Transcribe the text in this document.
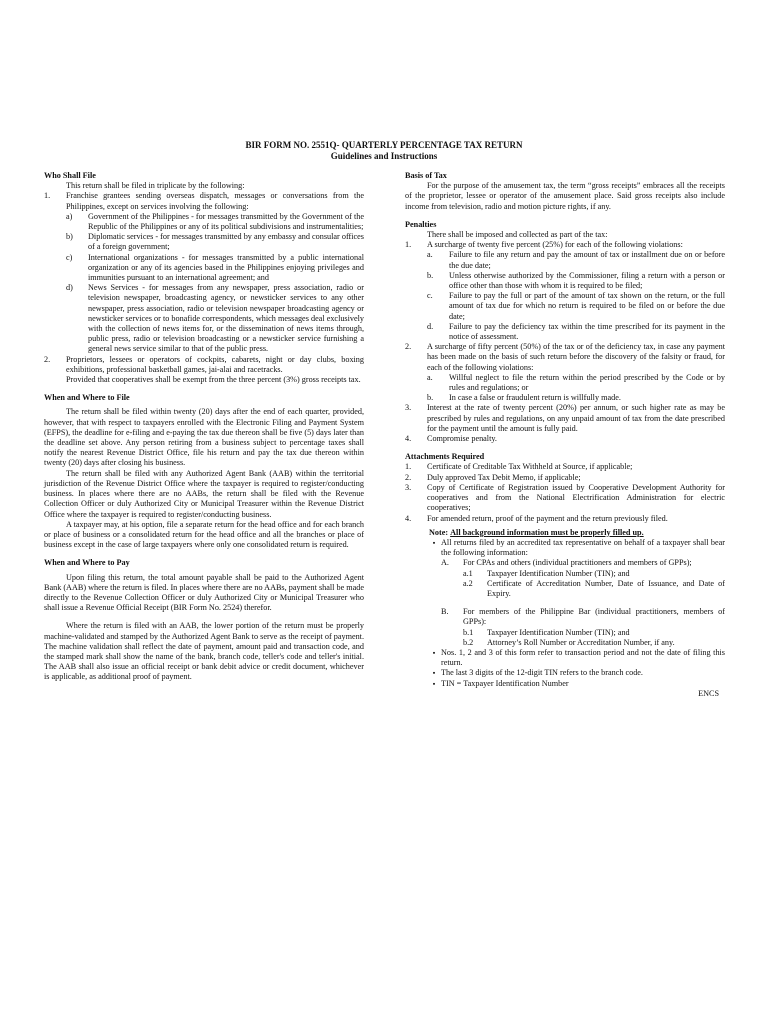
BIR FORM NO. 2551Q- QUARTERLY PERCENTAGE TAX RETURN
Guidelines and Instructions
Who Shall File

This return shall be filed in triplicate by the following:

1.	Franchise grantees sending overseas dispatch, messages or conversations from the Philippines, except on services involving the following:
a)	Government of the Philippines - for messages transmitted by the Government of the Republic of the Philippines or any of its political subdivisions and instrumentalities;
b)	Diplomatic services - for messages transmitted by any embassy and consular offices of a foreign government;
c)	International organizations - for messages transmitted by a public international organization or any of its agencies based in the Philippines enjoying privileges and immunities pursuant to an international agreement; and
d)	News Services - for messages from any newspaper, press association, radio or television newspaper, broadcasting agency, or newsticker services to any other newspaper, press association, radio or television newspaper broadcasting agency or newsticker services or to bonafide correspondents, which messages deal exclusively with the collection of news items for, or the dissemination of news items through, public press, radio or television broadcasting or a newsticker service furnishing a general news service similar to that of the public press.
2.	Proprietors, lessees or operators of cockpits, cabarets, night or day clubs, boxing exhibitions, professional basketball games, jai-alai and racetracks.

Provided that cooperatives shall be exempt from the three percent (3%) gross receipts tax.

When and Where to File

The return shall be filed within twenty (20) days after the end of each quarter, provided, however, that with respect to taxpayers enrolled with the Electronic Filing and Payment System (EFPS), the deadline for e-filing and e-paying the tax due thereon shall be five (5) days later than the deadline set above. Any person retiring from a business subject to percentage taxes shall notify the nearest Revenue District Office, file his return and pay the tax due thereon within twenty (20) days after closing his business.

The return shall be filed with any Authorized Agent Bank (AAB) within the territorial jurisdiction of the Revenue District Office where the taxpayer is required to register/conducting business. In places where there are no AABs, the return shall be filed with the Revenue Collection Officer or duly Authorized City or Municipal Treasurer within the Revenue District Office where the taxpayer is required to register/conducting business.

A taxpayer may, at his option, file a separate return for the head office and for each branch or place of business or a consolidated return for the head office and all the branches or place of business except in the case of large taxpayers where only one consolidated return is required.

When and Where to Pay

Upon filing this return, the total amount payable shall be paid to the Authorized Agent Bank (AAB) where the return is filed. In places where there are no AABs, payment shall be made directly to the Revenue Collection Officer or duly Authorized City or Municipal Treasurer who shall issue a Revenue Official Receipt (BIR Form No. 2524) therefor.

Where the return is filed with an AAB, the lower portion of the return must be properly machine-validated and stamped by the Authorized Agent Bank to serve as the receipt of payment. The machine validation shall reflect the date of payment, amount paid and transaction code, and the stamped mark shall show the name of the bank, branch code, teller's code and teller's initial. The AAB shall also issue an official receipt or bank debit advice or credit document, whichever is applicable, as additional proof of payment.

Basis of Tax

For the purpose of the amusement tax, the term “gross receipts” embraces all the receipts of the proprietor, lessee or operator of the amusement place. Said gross receipts also include income from television, radio and motion picture rights, if any.

Penalties

There shall be imposed and collected as part of the tax:

1.	A surcharge of twenty five percent (25%) for each of the following violations:
a.	Failure to file any return and pay the amount of tax or installment due on or before the due date;
b.	Unless otherwise authorized by the Commissioner, filing a return with a person or office other than those with whom it is required to be filed;
c.	Failure to pay the full or part of the amount of tax shown on the return, or the full amount of tax due for which no return is required to be filed on or before the due date;
d.	Failure to pay the deficiency tax within the time prescribed for its payment in the notice of assessment.
2.	A surcharge of fifty percent (50%) of the tax or of the deficiency tax, in case any payment has been made on the basis of such return before the discovery of the falsity or fraud, for each of the following violations:
a.	Willful neglect to file the return within the period prescribed by the Code or by rules and regulations; or
b.	In case a false or fraudulent return is willfully made.
3.	Interest at the rate of twenty percent (20%) per annum, or such higher rate as may be prescribed by rules and regulations, on any unpaid amount of tax from the date prescribed for the payment until the amount is fully paid.
4.	Compromise penalty.
Attachments Required
1.	Certificate of Creditable Tax Withheld at Source, if applicable;
2.	Duly approved Tax Debit Memo, if applicable;
3.	Copy of Certificate of Registration issued by Cooperative Development Authority for cooperatives and from the National Electrification Administration for electric cooperatives;
4.	For amended return, proof of the payment and the return previously filed.
Note: All background information must be properly filled up.
▪ All returns filed by an accredited tax representative on behalf of a taxpayer shall bear the following information:
A.	For CPAs and others (individual practitioners and members of GPPs);
a.1	Taxpayer Identification Number (TIN); and
a.2	Certificate of Accreditation Number, Date of Issuance, and Date of Expiry.
B.	For members of the Philippine Bar (individual practitioners, members of GPPs):
b.1	Taxpayer Identification Number (TIN); and
b.2	Attorney’s Roll Number or Accreditation Number, if any.
▪ Nos. 1, 2 and 3 of this form refer to transaction period and not the date of filing this return.
▪ The last 3 digits of the 12-digit TIN refers to the branch code.
▪ TIN = Taxpayer Identification Number
ENCS
